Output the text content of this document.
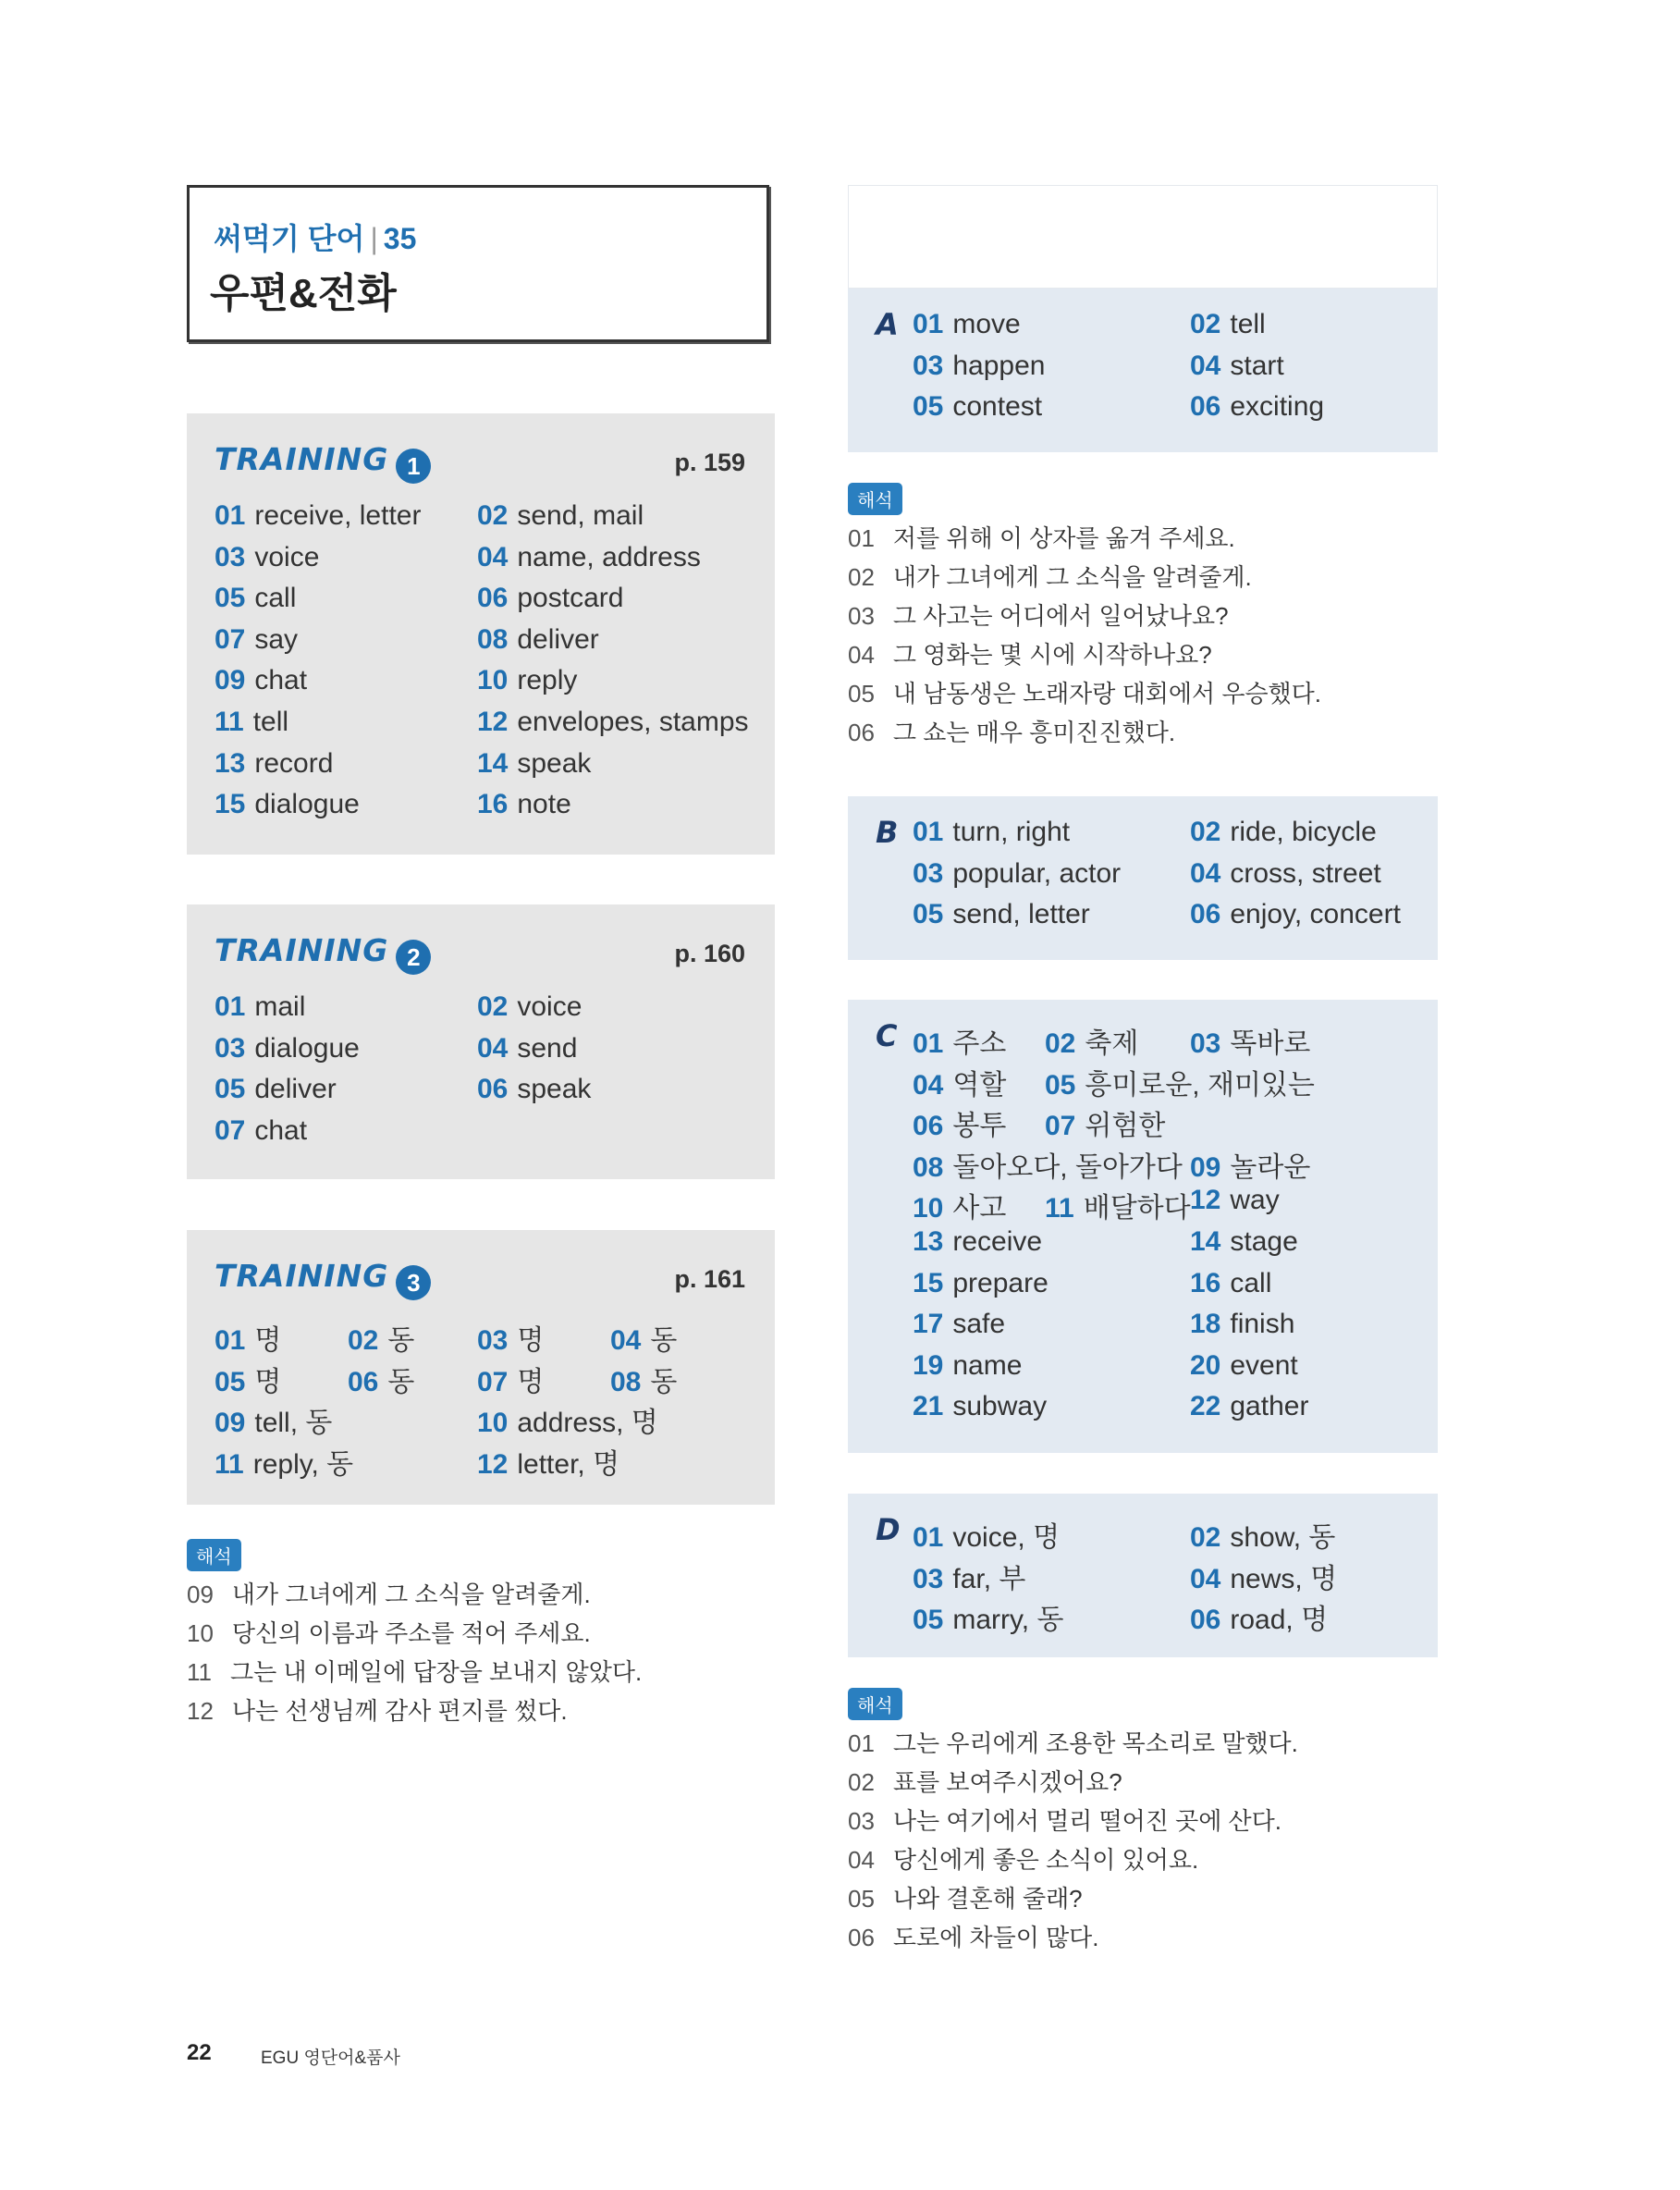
써먹기 단어 | 35
우편&전화
TRAINING 1	p. 159
01 receive, letter 02 send, mail
03 voice	04 name, address
05 call	06 postcard
07 say	08 deliver
09 chat	10 reply
11 tell	12 envelopes, stamps
13 record	14 speak
15 dialogue	16 note
TRAINING 2	p. 160
01 mail	02 voice
03 dialogue	04 send
05 deliver	06 speak
07 chat
TRAINING 3	p. 161
01 명 02 동 03 명 04 동
05 명 06 동 07 명 08 동
09 tell, 동	10 address, 명
11 reply, 동	12 letter, 명
해석
09 내가 그녀에게 그 소식을 알려줄게.
10 당신의 이름과 주소를 적어 주세요.
11 그는 내 이메일에 답장을 보내지 않았다.
12 나는 선생님께 감사 편지를 썼다.
A 01 move	02 tell
03 happen	04 start
05 contest	06 exciting
해석
01 저를 위해 이 상자를 옮겨 주세요.
02 내가 그녀에게 그 소식을 알려줄게.
03 그 사고는 어디에서 일어났나요?
04 그 영화는 몇 시에 시작하나요?
05 내 남동생은 노래자랑 대회에서 우승했다.
06 그 쇼는 매우 흥미진진했다.
B 01 turn, right	02 ride, bicycle
03 popular, actor 04 cross, street
05 send, letter	06 enjoy, concert
C 01 주소 02 축제 03 똑바로
04 역할 05 흥미로운, 재미있는
06 봉투 07 위험한
08 돌아오다, 돌아가다 09 놀라운
10 사고 11 배달하다 12 way
13 receive	14 stage
15 prepare	16 call
17 safe	18 finish
19 name	20 event
21 subway	22 gather
D 01 voice, 명	02 show, 동
03 far, 부	04 news, 명
05 marry, 동	06 road, 명
해석
01 그는 우리에게 조용한 목소리로 말했다.
02 표를 보여주시겠어요?
03 나는 여기에서 멀리 떨어진 곳에 산다.
04 당신에게 좋은 소식이 있어요.
05 나와 결혼해 줄래?
06 도로에 차들이 많다.
22	EGU 영단어&품사
